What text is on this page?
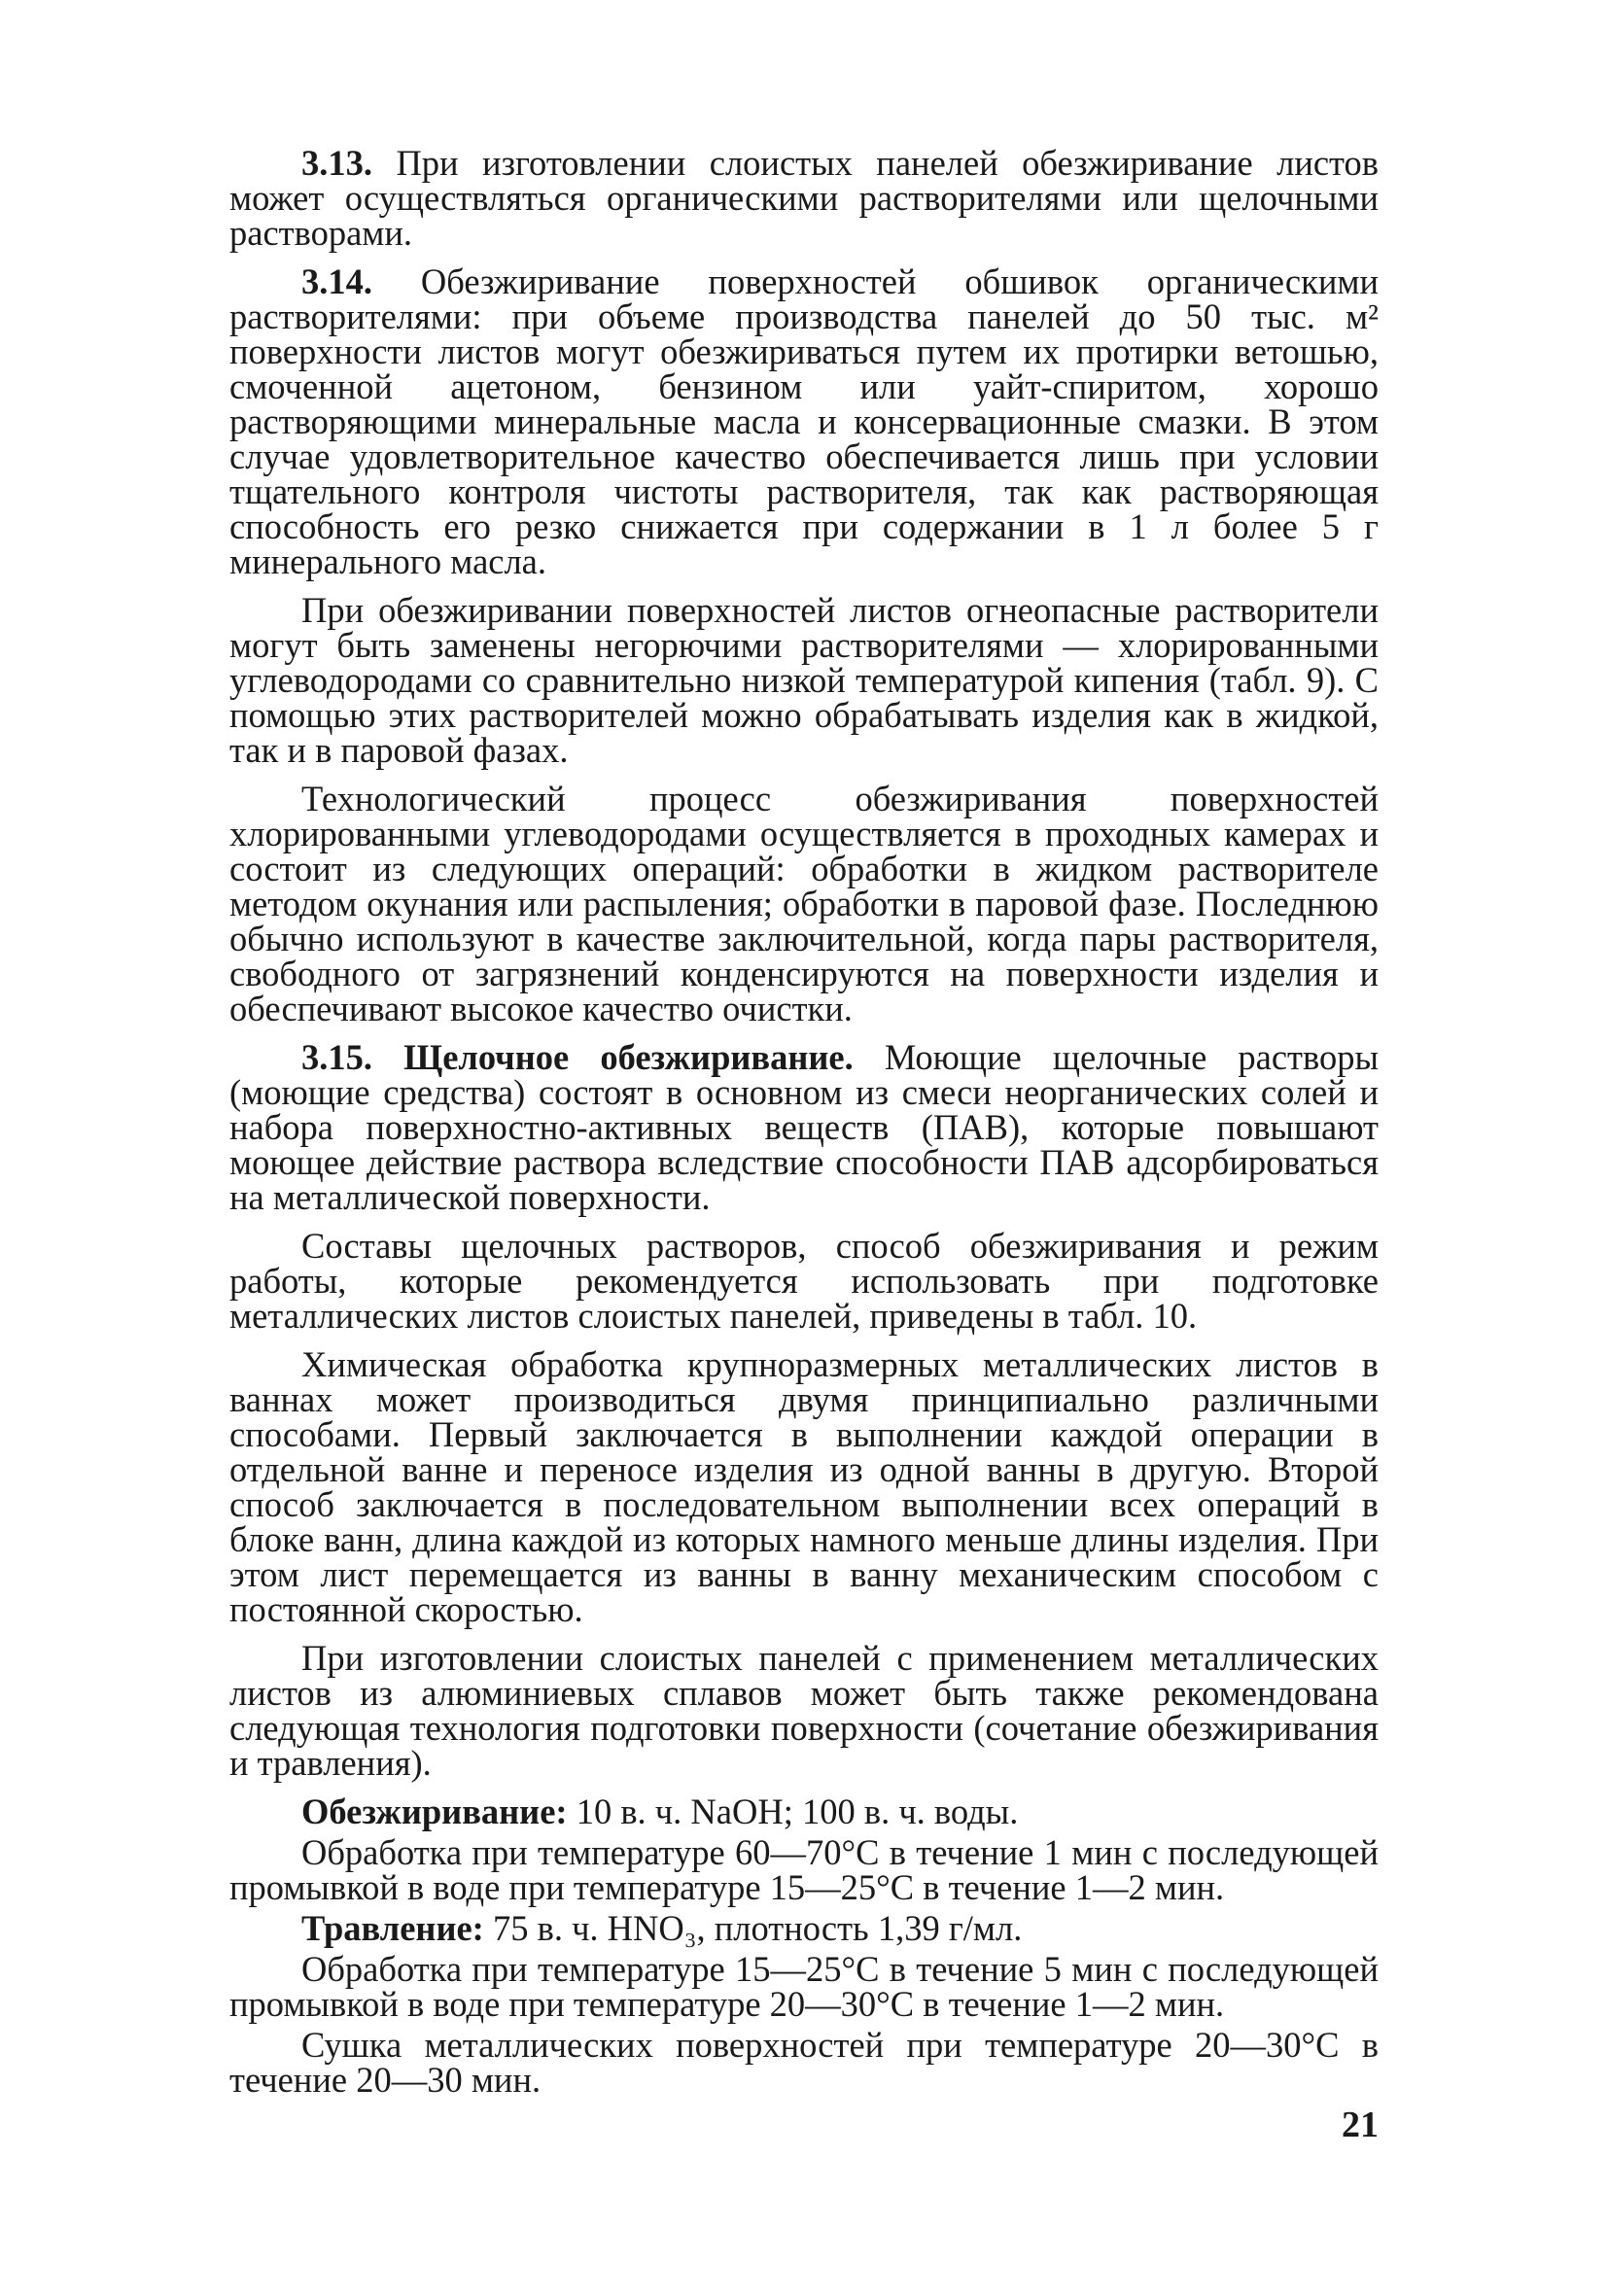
3.13. При изготовлении слоистых панелей обезжиривание листов может осуществляться органическими растворителями или щелочными растворами.

3.14. Обезжиривание поверхностей обшивок органическими растворителями: при объеме производства панелей до 50 тыс. м² поверхности листов могут обезжириваться путем их протирки ветошью, смоченной ацетоном, бензином или уайт-спиритом, хорошо растворяющими минеральные масла и консервационные смазки. В этом случае удовлетворительное качество обеспечивается лишь при условии тщательного контроля чистоты растворителя, так как растворяющая способность его резко снижается при содержании в 1 л более 5 г минерального масла.

При обезжиривании поверхностей листов огнеопасные растворители могут быть заменены негорючими растворителями — хлорированными углеводородами со сравнительно низкой температурой кипения (табл. 9). С помощью этих растворителей можно обрабатывать изделия как в жидкой, так и в паровой фазах.

Технологический процесс обезжиривания поверхностей хлорированными углеводородами осуществляется в проходных камерах и состоит из следующих операций: обработки в жидком растворителе методом окунания или распыления; обработки в паровой фазе. Последнюю обычно используют в качестве заключительной, когда пары растворителя, свободного от загрязнений конденсируются на поверхности изделия и обеспечивают высокое качество очистки.

3.15. Щелочное обезжиривание. Моющие щелочные растворы (моющие средства) состоят в основном из смеси неорганических солей и набора поверхностно-активных веществ (ПАВ), которые повышают моющее действие раствора вследствие способности ПАВ адсорбироваться на металлической поверхности.

Составы щелочных растворов, способ обезжиривания и режим работы, которые рекомендуется использовать при подготовке металлических листов слоистых панелей, приведены в табл. 10.

Химическая обработка крупноразмерных металлических листов в ваннах может производиться двумя принципиально различными способами. Первый заключается в выполнении каждой операции в отдельной ванне и переносе изделия из одной ванны в другую. Второй способ заключается в последовательном выполнении всех операций в блоке ванн, длина каждой из которых намного меньше длины изделия. При этом лист перемещается из ванны в ванну механическим способом с постоянной скоростью.

При изготовлении слоистых панелей с применением металлических листов из алюминиевых сплавов может быть также рекомендована следующая технология подготовки поверхности (сочетание обезжиривания и травления).

Обезжиривание: 10 в. ч. NaOH; 100 в. ч. воды.

Обработка при температуре 60—70°С в течение 1 мин с последующей промывкой в воде при температуре 15—25°С в течение 1—2 мин.

Травление: 75 в. ч. HNO₃, плотность 1,39 г/мл.

Обработка при температуре 15—25°С в течение 5 мин с последующей промывкой в воде при температуре 20—30°С в течение 1—2 мин.

Сушка металлических поверхностей при температуре 20—30°С в течение 20—30 мин.

21
